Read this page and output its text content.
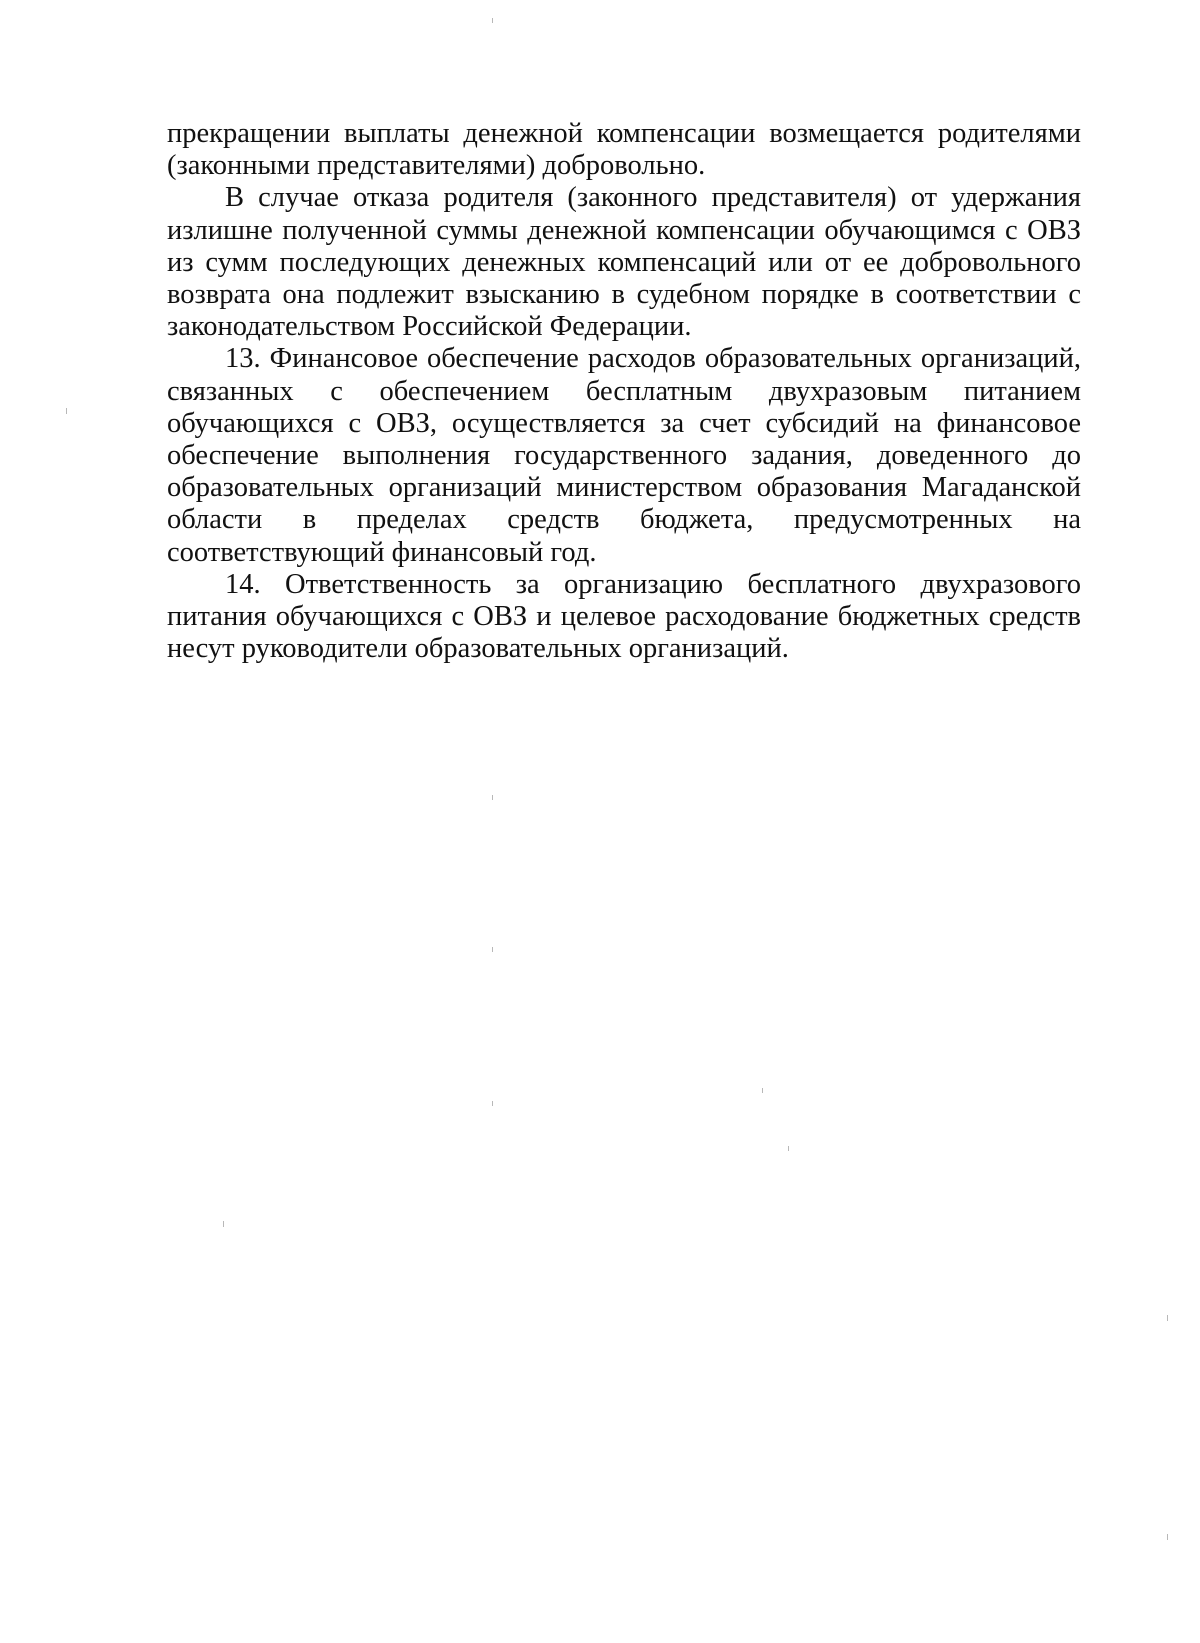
прекращении выплаты денежной компенсации возмещается родителями (законными представителями) добровольно.

В случае отказа родителя (законного представителя) от удержания излишне полученной суммы денежной компенсации обучающимся с ОВЗ из сумм последующих денежных компенсаций или от ее добровольного возврата она подлежит взысканию в судебном порядке в соответствии с законодательством Российской Федерации.

13. Финансовое обеспечение расходов образовательных организаций, связанных с обеспечением бесплатным двухразовым питанием обучающихся с ОВЗ, осуществляется за счет субсидий на финансовое обеспечение выполнения государственного задания, доведенного до образовательных организаций министерством образования Магаданской области в пределах средств бюджета, предусмотренных на соответствующий финансовый год.

14. Ответственность за организацию бесплатного двухразового питания обучающихся с ОВЗ и целевое расходование бюджетных средств несут руководители образовательных организаций.
